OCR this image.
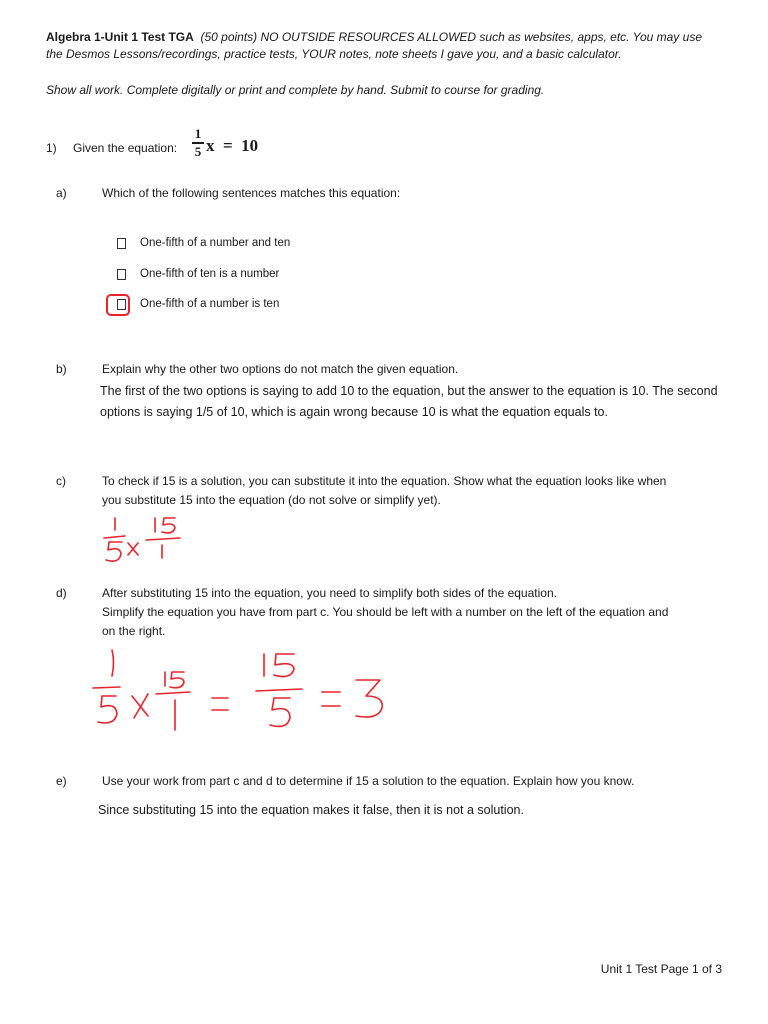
Algebra 1-Unit 1 Test TGA (50 points) NO OUTSIDE RESOURCES ALLOWED such as websites, apps, etc. You may use
the Desmos Lessons/recordings, practice tests, YOUR notes, note sheets I gave you, and a basic calculator.
Show all work. Complete digitally or print and complete by hand. Submit to course for grading.
1) Given the equation:
1
5 x  =  10
a)	Which of the following sentences matches this equation:
One-fifth of a number and ten
One-fifth of ten is a number
One-fifth of a number is ten
b)	Explain why the other two options do not match the given equation.
The first of the two options is saying to add 10 to the equation, but the answer to the equation is 10. The second
options is saying 1/5 of 10, which is again wrong because 10 is what the equation equals to.
c)	To check if 15 is a solution, you can substitute it into the equation. Show what the equation looks like when
you substitute 15 into the equation (do not solve or simplify yet).
d)	After substituting 15 into the equation, you need to simplify both sides of the equation.
Simplify the equation you have from part c. You should be left with a number on the left of the equation and
on the right.
e)	Use your work from part c and d to determine if 15 a solution to the equation. Explain how you know.
Since substituting 15 into the equation makes it false, then it is not a solution.
Unit 1 Test Page 1 of 3
